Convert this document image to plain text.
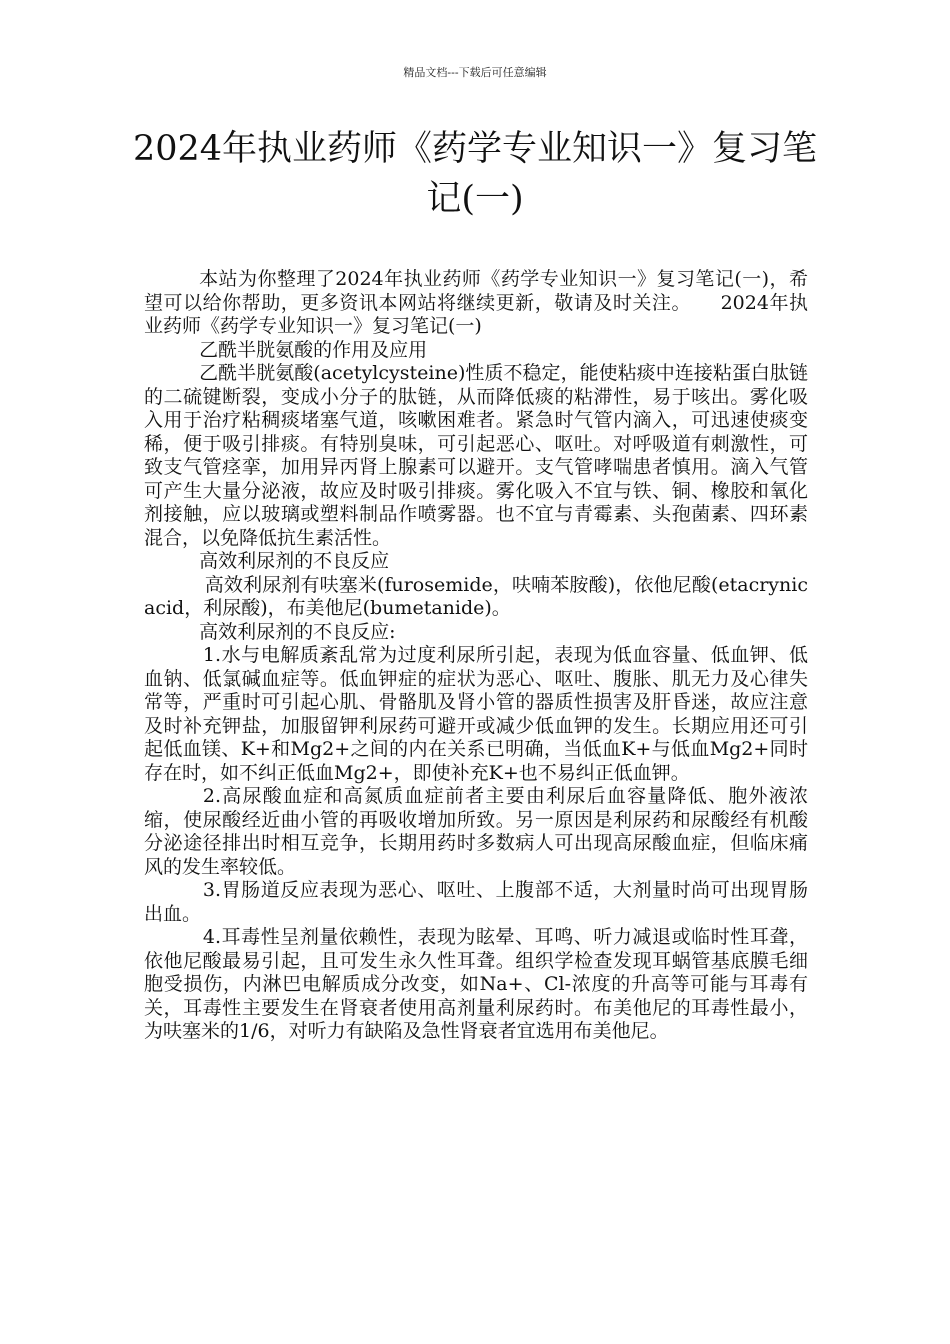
精品文档---下载后可任意编辑
2024年执业药师《药学专业知识一》复习笔记(一)

本站为你整理了2024年执业药师《药学专业知识一》复习笔记(一)，希望可以给你帮助，更多资讯本网站将继续更新，敬请及时关注。　　2024年执业药师《药学专业知识一》复习笔记(一)

乙酰半胱氨酸的作用及应用

乙酰半胱氨酸(acetylcysteine)性质不稳定，能使粘痰中连接粘蛋白肽链的二硫键断裂，变成小分子的肽链，从而降低痰的粘滞性，易于咳出。雾化吸入用于治疗粘稠痰堵塞气道，咳嗽困难者。紧急时气管内滴入，可迅速使痰变稀，便于吸引排痰。有特别臭味，可引起恶心、呕吐。对呼吸道有刺激性，可致支气管痉挛，加用异丙肾上腺素可以避开。支气管哮喘患者慎用。滴入气管可产生大量分泌液，故应及时吸引排痰。雾化吸入不宜与铁、铜、橡胶和氧化剂接触，应以玻璃或塑料制品作喷雾器。也不宜与青霉素、头孢菌素、四环素混合，以免降低抗生素活性。

高效利尿剂的不良反应

高效利尿剂有呋塞米(furosemide，呋喃苯胺酸)，依他尼酸(etacrynic acid，利尿酸)，布美他尼(bumetanide)。

高效利尿剂的不良反应:

1.水与电解质紊乱常为过度利尿所引起，表现为低血容量、低血钾、低血钠、低氯碱血症等。低血钾症的症状为恶心、呕吐、腹胀、肌无力及心律失常等，严重时可引起心肌、骨骼肌及肾小管的器质性损害及肝昏迷，故应注意及时补充钾盐，加服留钾利尿药可避开或减少低血钾的发生。长期应用还可引起低血镁、K+和Mg2+之间的内在关系已明确，当低血K+与低血Mg2+同时存在时，如不纠正低血Mg2+，即使补充K+也不易纠正低血钾。

2.高尿酸血症和高氮质血症前者主要由利尿后血容量降低、胞外液浓缩，使尿酸经近曲小管的再吸收增加所致。另一原因是利尿药和尿酸经有机酸分泌途径排出时相互竞争，长期用药时多数病人可出现高尿酸血症，但临床痛风的发生率较低。

3.胃肠道反应表现为恶心、呕吐、上腹部不适，大剂量时尚可出现胃肠出血。

4.耳毒性呈剂量依赖性，表现为眩晕、耳鸣、听力减退或临时性耳聋，依他尼酸最易引起，且可发生永久性耳聋。组织学检查发现耳蜗管基底膜毛细胞受损伤，内淋巴电解质成分改变，如Na+、Cl-浓度的升高等可能与耳毒有关，耳毒性主要发生在肾衰者使用高剂量利尿药时。布美他尼的耳毒性最小，为呋塞米的1/6，对听力有缺陷及急性肾衰者宜选用布美他尼。
